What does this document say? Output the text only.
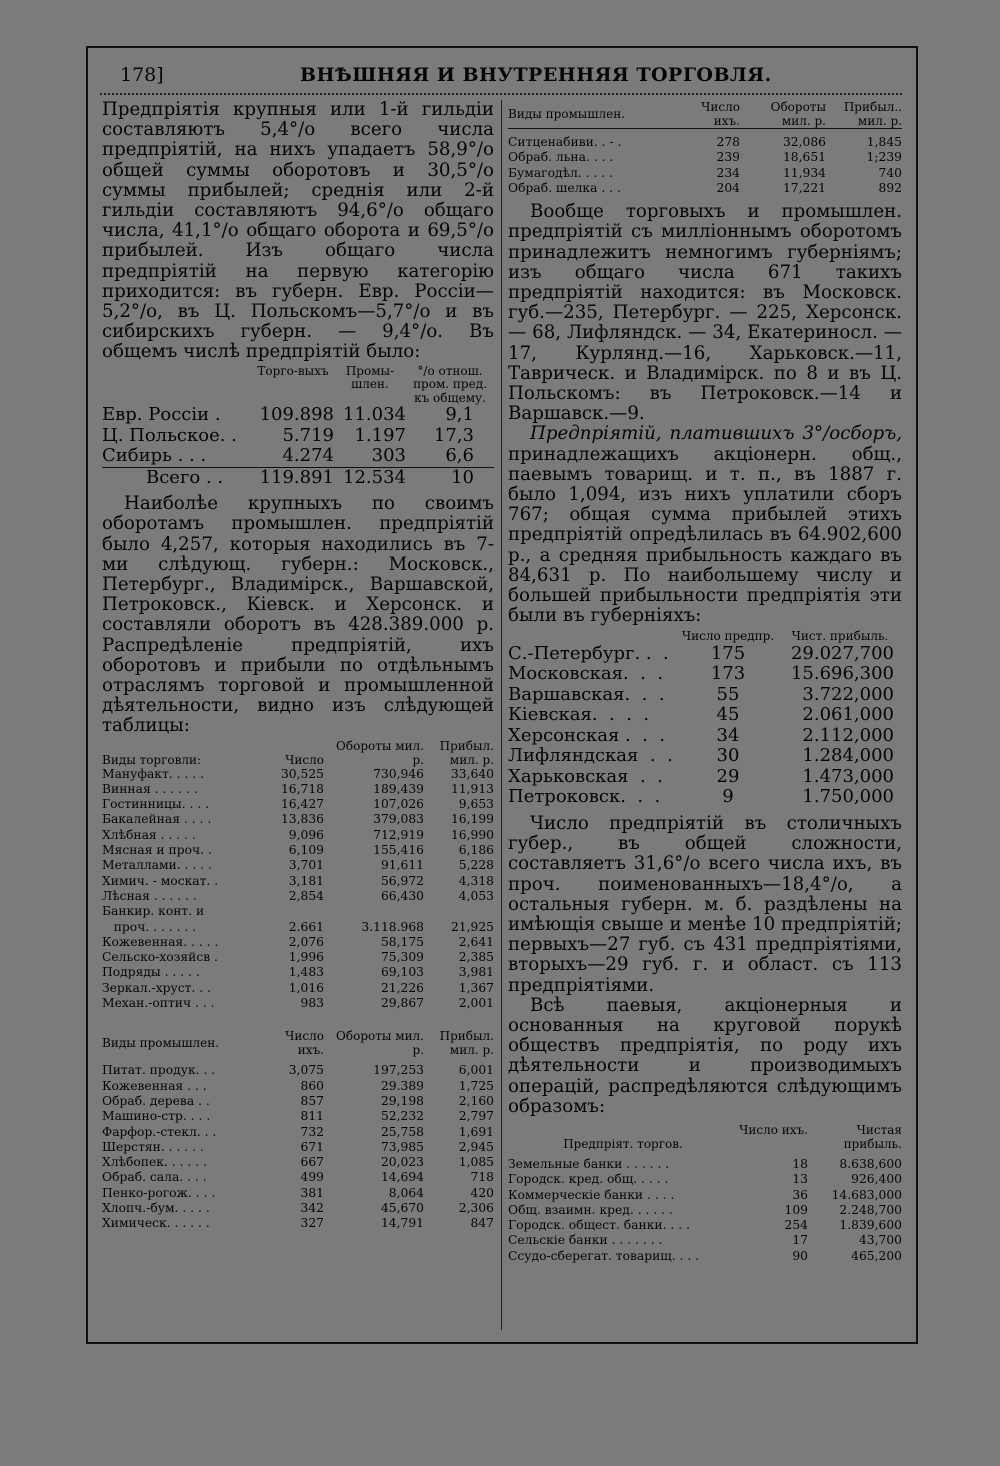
178]	ВНѢШНЯЯ И ВНУТРЕННЯЯ ТОРГОВЛЯ.

Предпріятія крупныя или 1-й гильдіи составляютъ 5,4°/о всего числа предпріятій, на нихъ упадаетъ 58,9°/о общей суммы оборотовъ и 30,5°/о суммы прибылей; среднія или 2-й гильдіи составляютъ 94,6°/о общаго числа, 41,1°/о общаго оборота и 69,5°/о прибылей. Изъ общаго числа предпріятій на первую категорію приходится: въ губерн. Евр. Россіи—5,2°/о, въ Ц. Польскомъ—5,7°/о и въ сибирскихъ губерн. — 9,4°/о. Въ общемъ числѣ предпріятій было:

	Торго-выхъ	Промы-шлен.	°/о отнош. пром. пред. къ общему.
Евр. Россіи .	109.898	11.034	9,1
Ц. Польское. .	5.719	1.197	17,3
Сибирь . . .	4.274	303	6,6
Всего . .	119.891	12.534	10

Наиболѣе крупныхъ по своимъ оборотамъ промышлен. предпріятій было 4,257, которыя находились въ 7-ми слѣдующ. губерн.: Московск., Петербург., Владимірск., Варшавской, Петроковск., Кіевск. и Херсонск. и составляли оборотъ въ 428.389.000 р. Распредѣленіе предпріятій, ихъ оборотовъ и прибыли по отдѣльнымъ отраслямъ торговой и промышленной дѣятельности, видно изъ слѣдующей таблицы:

Виды торговли:	Число	Обороты мил. р.	Прибыл. мил. р.
Мануфакт. . . . .	30,525	730,946	33,640
Винная . . . . . .	16,718	189,439	11,913
Гостинницы. . . .	16,427	107,026	9,653
Бакалейная . . . .	13,836	379,083	16,199
Хлѣбная . . . . .	9,096	712,919	16,990
Мясная и проч. .	6,109	155,416	6,186
Металлами. . . . .	3,701	91,611	5,228
Химич. - москат. .	3,181	56,972	4,318
Лѣсная . . . . . .	2,854	66,430	4,053
Банкир. конт. и			
проч. . . . . . .	2.661	3.118.968	21,925
Кожевенная. . . . .	2,076	58,175	2,641
Сельско-хозяйсв .	1,996	75,309	2,385
Подряды . . . . .	1,483	69,103	3,981
Зеркал.-хруст. . .	1,016	21,226	1,367
Механ.-оптич . . .	983	29,867	2,001
Виды промышлен.	Число ихъ.	Обороты мил. р.	Прибыл. мил. р.

Питат. продук. . .	3,075	197,253	6,001
Кожевенная . . .	860	29.389	1,725
Обраб. дерева . .	857	29,198	2,160
Машино-стр. . . .	811	52,232	2,797
Фарфор.-стекл. . .	732	25,758	1,691
Шерстян. . . . . .	671	73,985	2,945
Хлѣбопек. . . . . .	667	20,023	1,085
Обраб. сала. . . .	499	14,694	718
Пенко-рогож. . . .	381	8,064	420
Хлопч.-бум. . . . .	342	45,670	2,306
Химическ. . . . . .	327	14,791	847
Виды промышлен.	Число ихъ.	Обороты мил. р.	Прибыл.. мил. р.

Ситценабиви. . - .	278	32,086	1,845
Обраб. льна. . . .	239	18,651	1;239
Бумагодѣл. . . . .	234	11,934	740
Обраб. шелка . . .	204	17,221	892

Вообще торговыхъ и промышлен. предпріятій съ милліоннымъ оборотомъ принадлежитъ немногимъ губерніямъ; изъ общаго числа 671 такихъ предпріятій находится: въ Московск. губ.—235, Петербург. — 225, Херсонск. — 68, Лифляндск. — 34, Екатериносл. — 17, Курлянд.—16, Харьковск.—11, Таврическ. и Владимірск. по 8 и въ Ц. Польскомъ: въ Петроковск.—14 и Варшавск.—9.

Предпріятій, платившихъ 3°/осборъ, принадлежащихъ акціонерн. общ., паевымъ товарищ. и т. п., въ 1887 г. было 1,094, изъ нихъ уплатили сборъ 767; общая сумма прибылей этихъ предпріятій опредѣлилась въ 64.902,600 р., а средняя прибыльность каждаго въ 84,631 р. По наибольшему числу и большей прибыльности предпріятія эти были въ губерніяхъ:

	Число предпр.	Чист. прибыль.
С.-Петербург. .  .	175	29.027,700
Московская.  .  .	173	15.696,300
Варшавская.  .  .	55	3.722,000
Кіевская.  .  .  .	45	2.061,000
Херсонская .  .  .	34	2.112,000
Лифляндская  .  .	30	1.284,000
Харьковская  .  .	29	1.473,000
Петроковск.  .  .	9	1.750,000

Число предпріятій въ столичныхъ губер., въ общей сложности, составляетъ 31,6°/о всего числа ихъ, въ проч. поименованныхъ—18,4°/о, а остальныя губерн. м. б. раздѣлены на имѣющія свыше и менѣе 10 предпріятій; первыхъ—27 губ. съ 431 предпріятіями, вторыхъ—29 губ. г. и област. съ 113 предпріятіями.

Всѣ паевыя, акціонерныя и основанныя на круговой порукѣ обществъ предпріятія, по роду ихъ дѣятельности и производимыхъ операцій, распредѣляются слѣдующимъ образомъ:

Предпріят. торгов.	Число ихъ.	Чистая прибыль.

Земельные банки . . . . . .	18	8.638,600
Городск. кред. общ. . . . .	13	926,400
Коммерческіе банки . . . .	36	14.683,000
Общ. взаимн. кред. . . . . .	109	2.248,700
Городск. общест. банки. . . .	254	1.839,600
Сельскіе банки . . . . . . .	17	43,700
Ссудо-сберегат. товарищ. . . .	90	465,200
